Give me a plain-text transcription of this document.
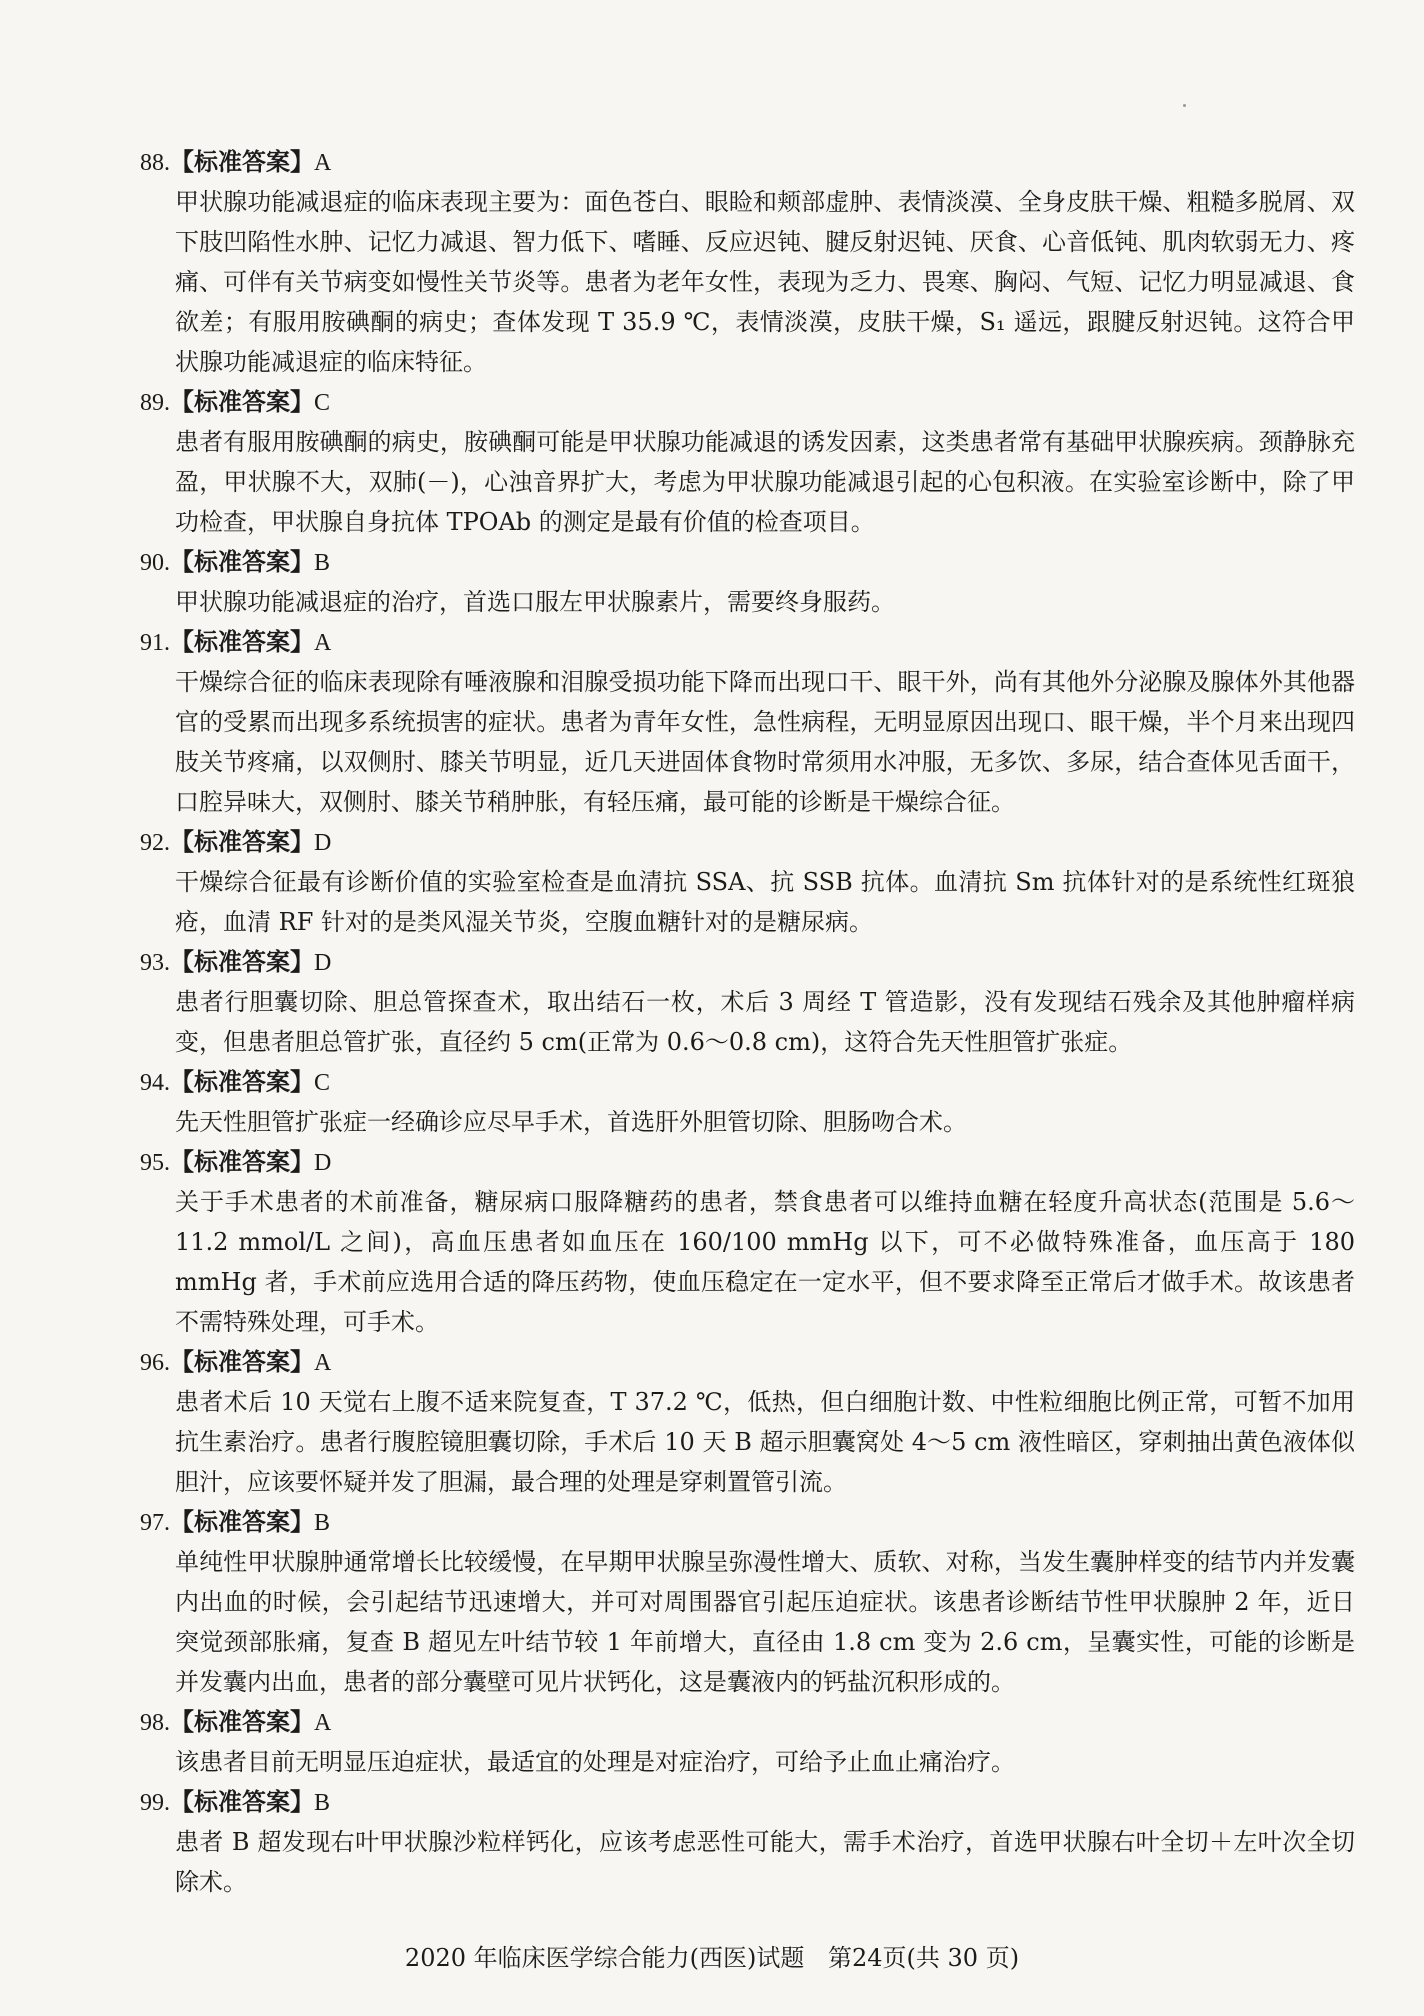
88.【标准答案】A
甲状腺功能减退症的临床表现主要为：面色苍白、眼睑和颊部虚肿、表情淡漠、全身皮肤干燥、粗糙多脱屑、双下肢凹陷性水肿、记忆力减退、智力低下、嗜睡、反应迟钝、腱反射迟钝、厌食、心音低钝、肌肉软弱无力、疼痛、可伴有关节病变如慢性关节炎等。患者为老年女性，表现为乏力、畏寒、胸闷、气短、记忆力明显减退、食欲差；有服用胺碘酮的病史；查体发现 T 35.9 ℃，表情淡漠，皮肤干燥，S₁ 遥远，跟腱反射迟钝。这符合甲状腺功能减退症的临床特征。
89.【标准答案】C
患者有服用胺碘酮的病史，胺碘酮可能是甲状腺功能减退的诱发因素，这类患者常有基础甲状腺疾病。颈静脉充盈，甲状腺不大，双肺(－)，心浊音界扩大，考虑为甲状腺功能减退引起的心包积液。在实验室诊断中，除了甲功检查，甲状腺自身抗体 TPOAb 的测定是最有价值的检查项目。
90.【标准答案】B
甲状腺功能减退症的治疗，首选口服左甲状腺素片，需要终身服药。
91.【标准答案】A
干燥综合征的临床表现除有唾液腺和泪腺受损功能下降而出现口干、眼干外，尚有其他外分泌腺及腺体外其他器官的受累而出现多系统损害的症状。患者为青年女性，急性病程，无明显原因出现口、眼干燥，半个月来出现四肢关节疼痛，以双侧肘、膝关节明显，近几天进固体食物时常须用水冲服，无多饮、多尿，结合查体见舌面干，口腔异味大，双侧肘、膝关节稍肿胀，有轻压痛，最可能的诊断是干燥综合征。
92.【标准答案】D
干燥综合征最有诊断价值的实验室检查是血清抗 SSA、抗 SSB 抗体。血清抗 Sm 抗体针对的是系统性红斑狼疮，血清 RF 针对的是类风湿关节炎，空腹血糖针对的是糖尿病。
93.【标准答案】D
患者行胆囊切除、胆总管探查术，取出结石一枚，术后 3 周经 T 管造影，没有发现结石残余及其他肿瘤样病变，但患者胆总管扩张，直径约 5 cm(正常为 0.6～0.8 cm)，这符合先天性胆管扩张症。
94.【标准答案】C
先天性胆管扩张症一经确诊应尽早手术，首选肝外胆管切除、胆肠吻合术。
95.【标准答案】D
关于手术患者的术前准备，糖尿病口服降糖药的患者，禁食患者可以维持血糖在轻度升高状态(范围是 5.6～11.2 mmol/L 之间)，高血压患者如血压在 160/100 mmHg 以下，可不必做特殊准备，血压高于 180 mmHg 者，手术前应选用合适的降压药物，使血压稳定在一定水平，但不要求降至正常后才做手术。故该患者不需特殊处理，可手术。
96.【标准答案】A
患者术后 10 天觉右上腹不适来院复查，T 37.2 ℃，低热，但白细胞计数、中性粒细胞比例正常，可暂不加用抗生素治疗。患者行腹腔镜胆囊切除，手术后 10 天 B 超示胆囊窝处 4～5 cm 液性暗区，穿刺抽出黄色液体似胆汁，应该要怀疑并发了胆漏，最合理的处理是穿刺置管引流。
97.【标准答案】B
单纯性甲状腺肿通常增长比较缓慢，在早期甲状腺呈弥漫性增大、质软、对称，当发生囊肿样变的结节内并发囊内出血的时候，会引起结节迅速增大，并可对周围器官引起压迫症状。该患者诊断结节性甲状腺肿 2 年，近日突觉颈部胀痛，复查 B 超见左叶结节较 1 年前增大，直径由 1.8 cm 变为 2.6 cm，呈囊实性，可能的诊断是并发囊内出血，患者的部分囊壁可见片状钙化，这是囊液内的钙盐沉积形成的。
98.【标准答案】A
该患者目前无明显压迫症状，最适宜的处理是对症治疗，可给予止血止痛治疗。
99.【标准答案】B
患者 B 超发现右叶甲状腺沙粒样钙化，应该考虑恶性可能大，需手术治疗，首选甲状腺右叶全切＋左叶次全切除术。
2020 年临床医学综合能力(西医)试题 第24页(共 30 页)
